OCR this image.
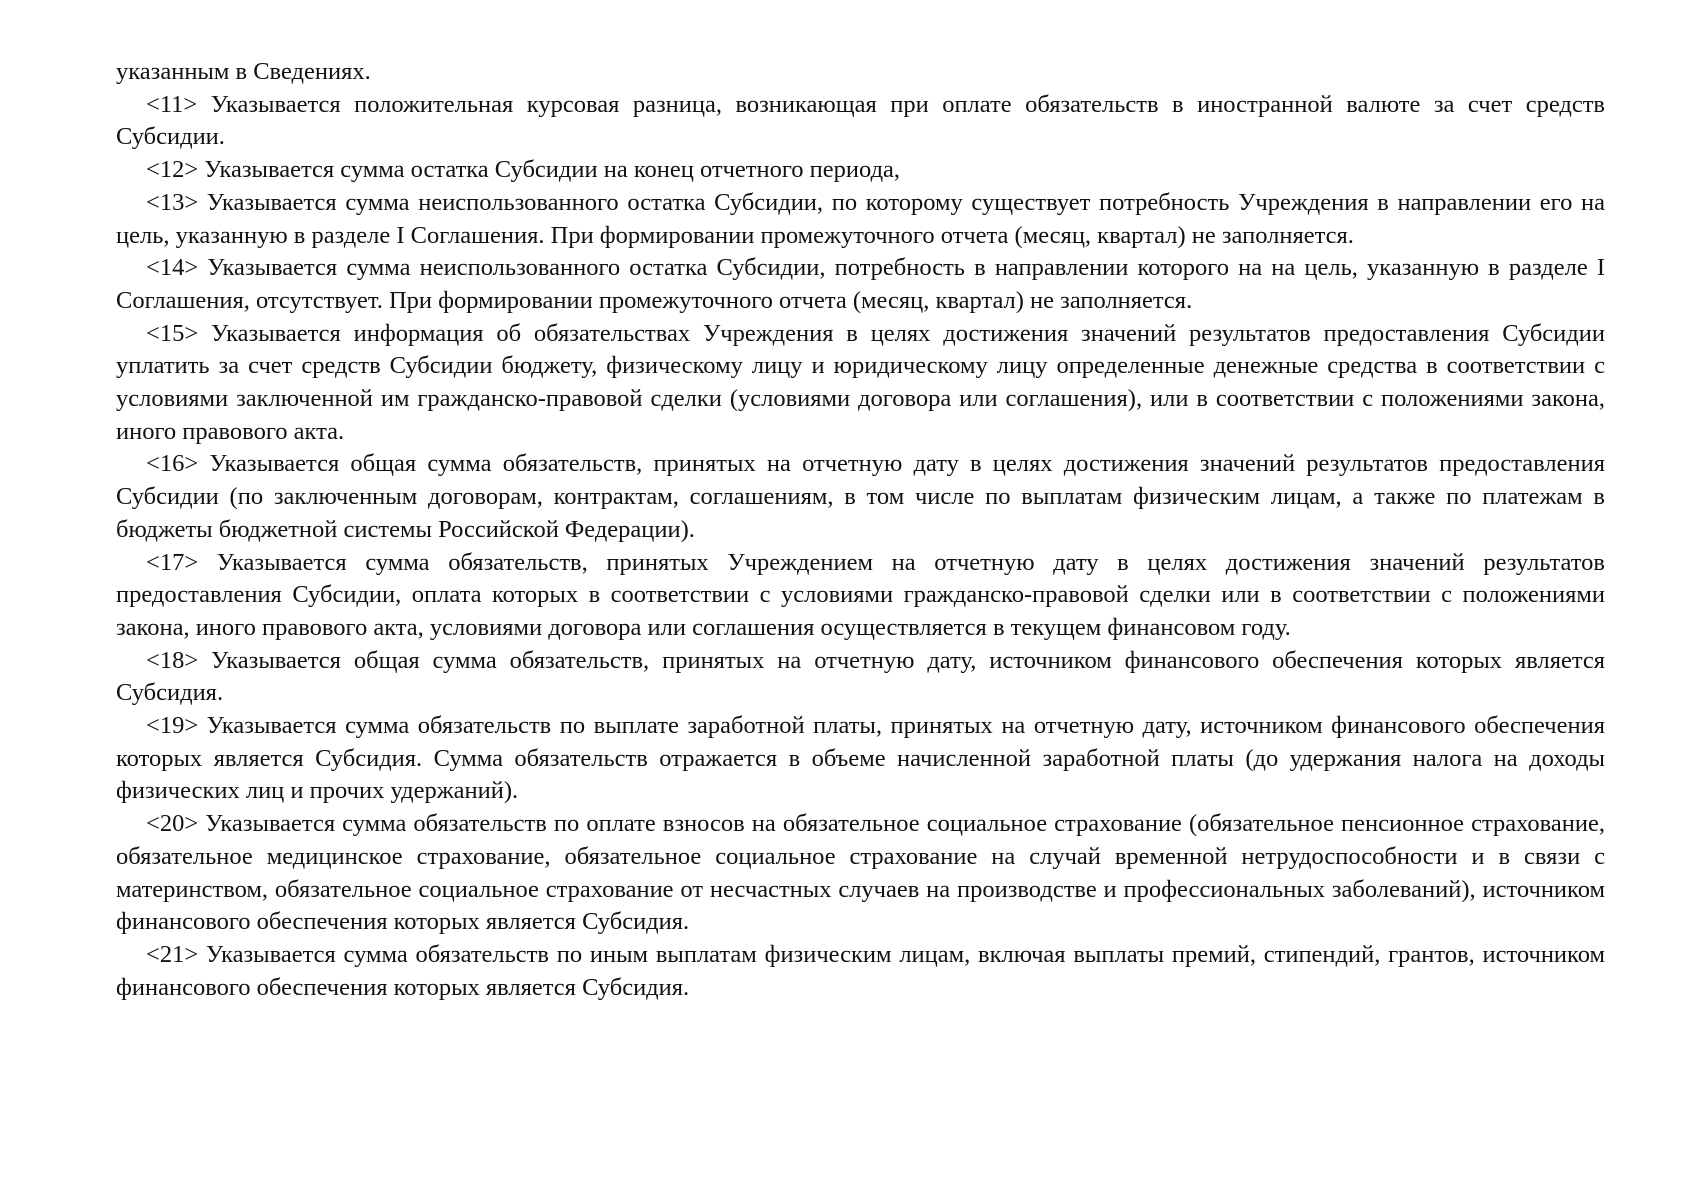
указанным в Сведениях.

<11> Указывается положительная курсовая разница, возникающая при оплате обязательств в иностранной валюте за счет средств Субсидии.

<12> Указывается сумма остатка Субсидии на конец отчетного периода,

<13> Указывается сумма неиспользованного остатка Субсидии, по которому существует потребность Учреждения в направлении его на цель, указанную в разделе I Соглашения. При формировании промежуточного отчета (месяц, квартал) не заполняется.

<14> Указывается сумма неиспользованного остатка Субсидии, потребность в направлении которого на на цель, указанную в разделе I Соглашения, отсутствует. При формировании промежуточного отчета (месяц, квартал) не заполняется.

<15> Указывается информация об обязательствах Учреждения в целях достижения значений результатов предоставления Субсидии уплатить за счет средств Субсидии бюджету, физическому лицу и юридическому лицу определенные денежные средства в соответствии с условиями заключенной им гражданско-правовой сделки (условиями договора или соглашения), или в соответствии с положениями закона, иного правового акта.

<16> Указывается общая сумма обязательств, принятых на отчетную дату в целях достижения значений результатов предоставления Субсидии (по заключенным договорам, контрактам, соглашениям, в том числе по выплатам физическим лицам, а также по платежам в бюджеты бюджетной системы Российской Федерации).

<17> Указывается сумма обязательств, принятых Учреждением на отчетную дату в целях достижения значений результатов предоставления Субсидии, оплата которых в соответствии с условиями гражданско-правовой сделки или в соответствии с положениями закона, иного правового акта, условиями договора или соглашения осуществляется в текущем финансовом году.

<18> Указывается общая сумма обязательств, принятых на отчетную дату, источником финансового обеспечения которых является Субсидия.

<19> Указывается сумма обязательств по выплате заработной платы, принятых на отчетную дату, источником финансового обеспечения которых является Субсидия. Сумма обязательств отражается в объеме начисленной заработной платы (до удержания налога на доходы физических лиц и прочих удержаний).

<20> Указывается сумма обязательств по оплате взносов на обязательное социальное страхование (обязательное пенсионное страхование, обязательное медицинское страхование, обязательное социальное страхование на случай временной нетрудоспособности и в связи с материнством, обязательное социальное страхование от несчастных случаев на производстве и профессиональных заболеваний), источником финансового обеспечения которых является Субсидия.

<21> Указывается сумма обязательств по иным выплатам физическим лицам, включая выплаты премий, стипендий, грантов, источником финансового обеспечения которых является Субсидия.
